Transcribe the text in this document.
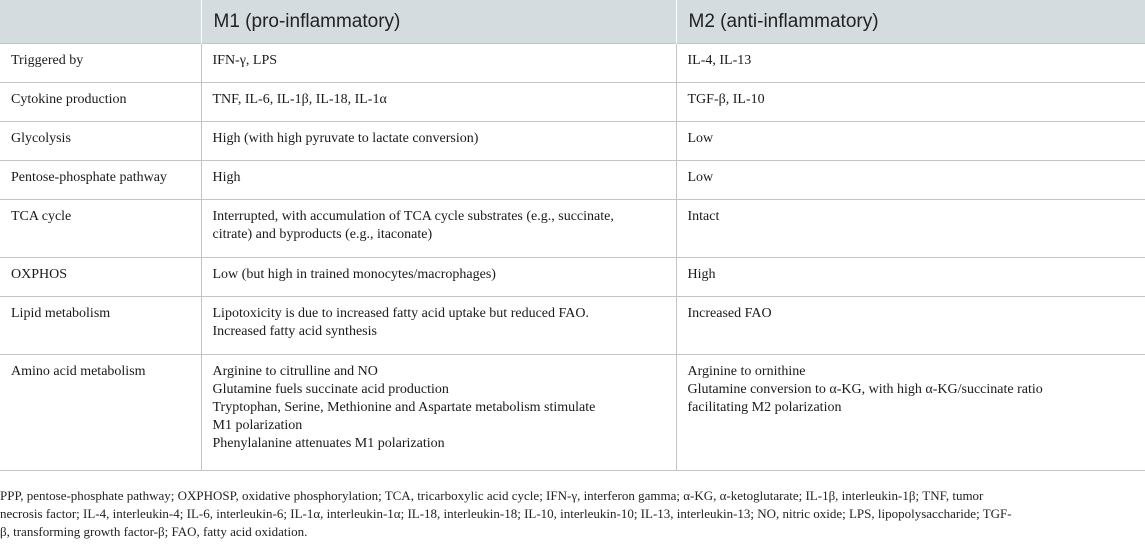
	M1 (pro-inflammatory)	M2 (anti-inflammatory)

Triggered by	IFN-γ, LPS	IL-4, IL-13

Cytokine production	TNF, IL-6, IL-1β, IL-18, IL-1α	TGF-β, IL-10

Glycolysis	High (with high pyruvate to lactate conversion)	Low

Pentose-phosphate pathway	High	Low

TCA cycle	Interrupted, with accumulation of TCA cycle substrates (e.g., succinate,
citrate) and byproducts (e.g., itaconate)	Intact

OXPHOS	Low (but high in trained monocytes/macrophages)	High

Lipid metabolism	Lipotoxicity is due to increased fatty acid uptake but reduced FAO.
Increased fatty acid synthesis	Increased FAO

Amino acid metabolism	Arginine to citrulline and NO
Glutamine fuels succinate acid production
Tryptophan, Serine, Methionine and Aspartate metabolism stimulate
M1 polarization
Phenylalanine attenuates M1 polarization	Arginine to ornithine
Glutamine conversion to α-KG, with high α-KG/succinate ratio
facilitating M2 polarization
PPP, pentose-phosphate pathway; OXPHOSP, oxidative phosphorylation; TCA, tricarboxylic acid cycle; IFN-γ, interferon gamma; α-KG, α-ketoglutarate; IL-1β, interleukin-1β; TNF, tumor
necrosis factor; IL-4, interleukin-4; IL-6, interleukin-6; IL-1α, interleukin-1α; IL-18, interleukin-18; IL-10, interleukin-10; IL-13, interleukin-13; NO, nitric oxide; LPS, lipopolysaccharide; TGF-
β, transforming growth factor-β; FAO, fatty acid oxidation.
